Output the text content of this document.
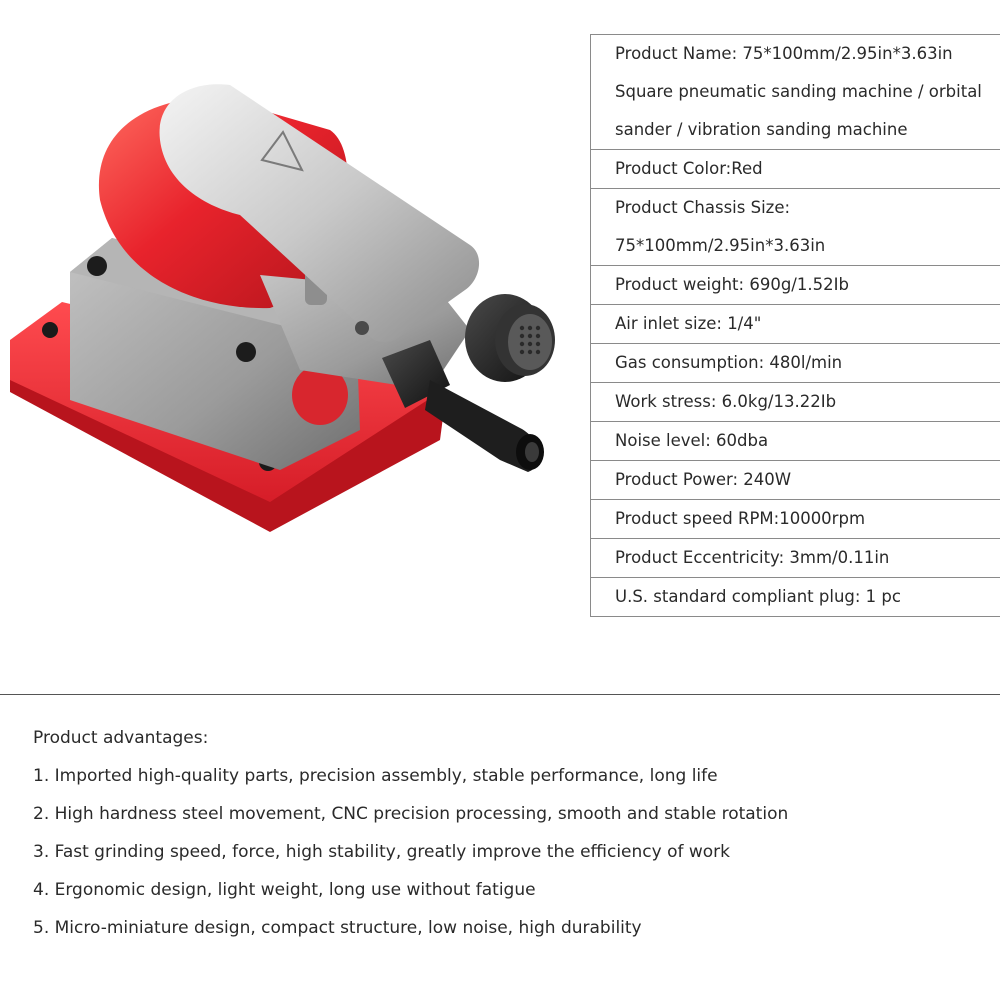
Product Name: 75*100mm/2.95in*3.63in Square pneumatic sanding machine / orbital sander / vibration sanding machine
Product Color:Red
Product Chassis Size: 75*100mm/2.95in*3.63in
Product weight: 690g/1.52Ib
Air inlet size: 1/4"
Gas consumption: 480l/min
Work stress: 6.0kg/13.22Ib
Noise level: 60dba
Product Power: 240W
Product speed RPM:10000rpm
Product Eccentricity: 3mm/0.11in
U.S. standard compliant plug: 1 pc
Product advantages:
1. Imported high-quality parts, precision assembly, stable performance, long life
2. High hardness steel movement, CNC precision processing, smooth and stable rotation
3. Fast grinding speed, force, high stability, greatly improve the efficiency of work
4. Ergonomic design, light weight, long use without fatigue
5. Micro-miniature design, compact structure, low noise, high durability
